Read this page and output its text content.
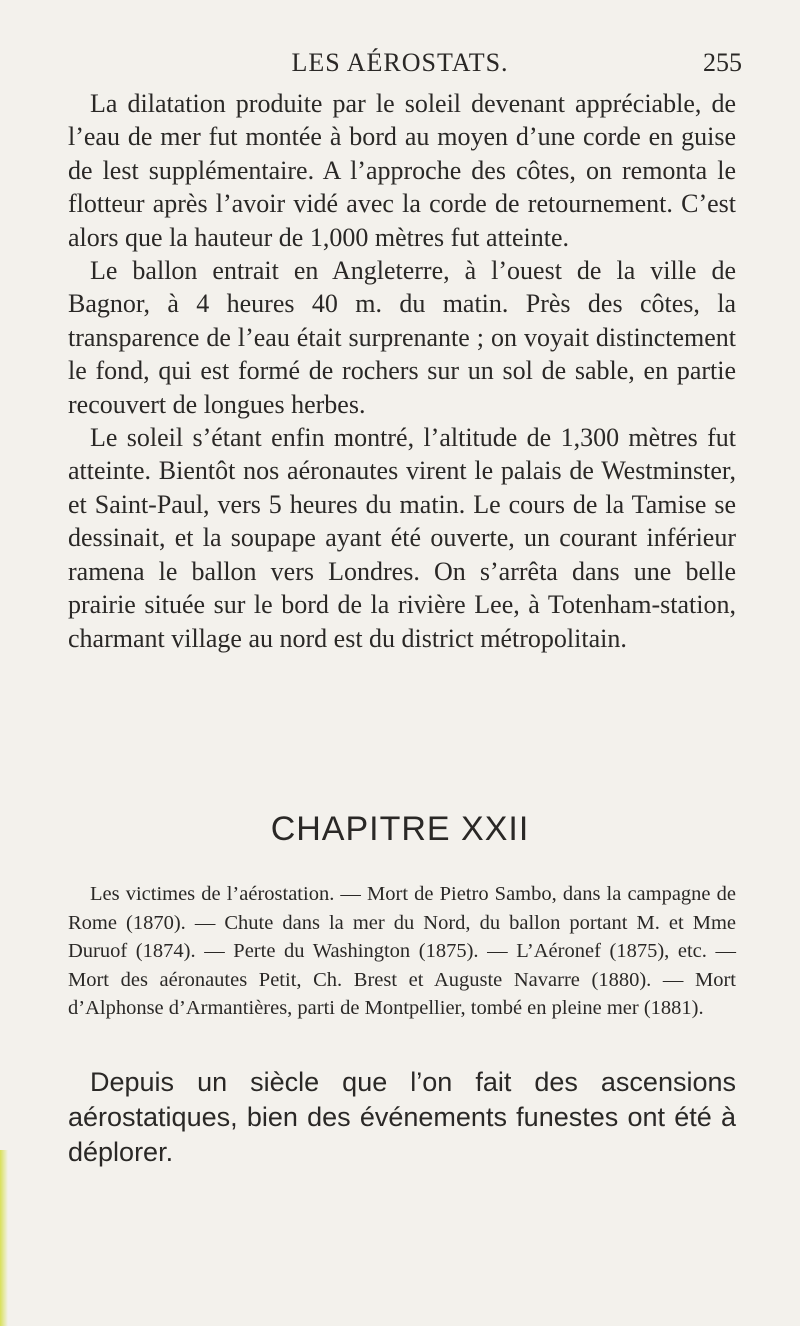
LES AÉROSTATS.	255

La dilatation produite par le soleil devenant appréciable, de l’eau de mer fut montée à bord au moyen d’une corde en guise de lest supplémentaire. A l’approche des côtes, on remonta le flotteur après l’avoir vidé avec la corde de retournement. C’est alors que la hauteur de 1,000 mètres fut atteinte.

Le ballon entrait en Angleterre, à l’ouest de la ville de Bagnor, à 4 heures 40 m. du matin. Près des côtes, la transparence de l’eau était surprenante ; on voyait distinctement le fond, qui est formé de rochers sur un sol de sable, en partie recouvert de longues herbes.

Le soleil s’étant enfin montré, l’altitude de 1,300 mètres fut atteinte. Bientôt nos aéronautes virent le palais de Westminster, et Saint-Paul, vers 5 heures du matin. Le cours de la Tamise se dessinait, et la soupape ayant été ouverte, un courant inférieur ramena le ballon vers Londres. On s’arrêta dans une belle prairie située sur le bord de la rivière Lee, à Totenham-station, charmant village au nord est du district métropolitain.

CHAPITRE XXII

Les victimes de l’aérostation. — Mort de Pietro Sambo, dans la campagne de Rome (1870). — Chute dans la mer du Nord, du ballon portant M. et Mme Duruof (1874). — Perte du Washington (1875). — L’Aéronef (1875), etc. — Mort des aéronautes Petit, Ch. Brest et Auguste Navarre (1880). — Mort d’Alphonse d’Armantières, parti de Montpellier, tombé en pleine mer (1881).

Depuis un siècle que l’on fait des ascensions aérostatiques, bien des événements funestes ont été à déplorer.
